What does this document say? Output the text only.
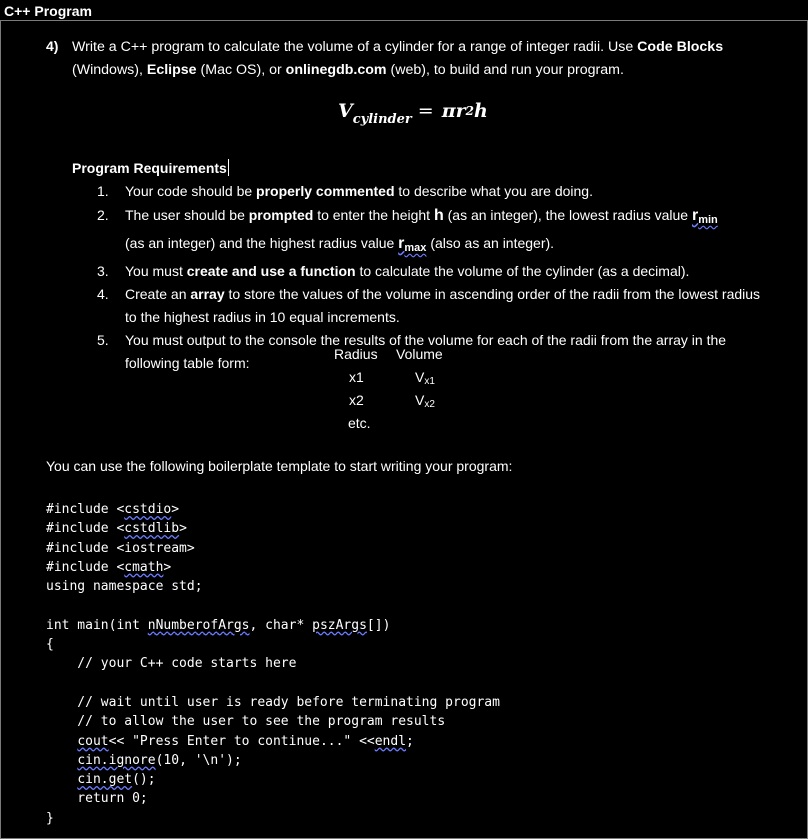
C++ Program
4) Write a C++ program to calculate the volume of a cylinder for a range of integer radii. Use Code Blocks (Windows), Eclipse (Mac OS), or onlinegdb.com (web), to build and run your program.
$V_{cylinder} = \pi r^2h$
Program Requirements
1. Your code should be properly commented to describe what you are doing.
2. The user should be prompted to enter the height h (as an integer), the lowest radius value $r_{min}$
(as an integer) and the highest radius value $r_{max}$ (also as an integer).
3. You must create and use a function to calculate the volume of the cylinder (as a decimal).
4. Create an array to store the values of the volume in ascending order of the radii from the lowest radius to the highest radius in 10 equal increments.
5. You must output to the console the results of the volume for each of the radii from the array in the following table form:
Radius Volume
x1	Vx1
x2	Vx2
etc.
You can use the following boilerplate template to start writing your program:
#include <cstdio>
#include <cstdlib>
#include <iostream>
#include <cmath>
using namespace std;

int main(int nNumberofArgs, char* pszArgs[])
{
// your C++ code starts here

// wait until user is ready before terminating program
// to allow the user to see the program results
cout<< "Press Enter to continue..." <<endl;
cin.ignore(10, '\n');
cin.get();
return 0;
}
